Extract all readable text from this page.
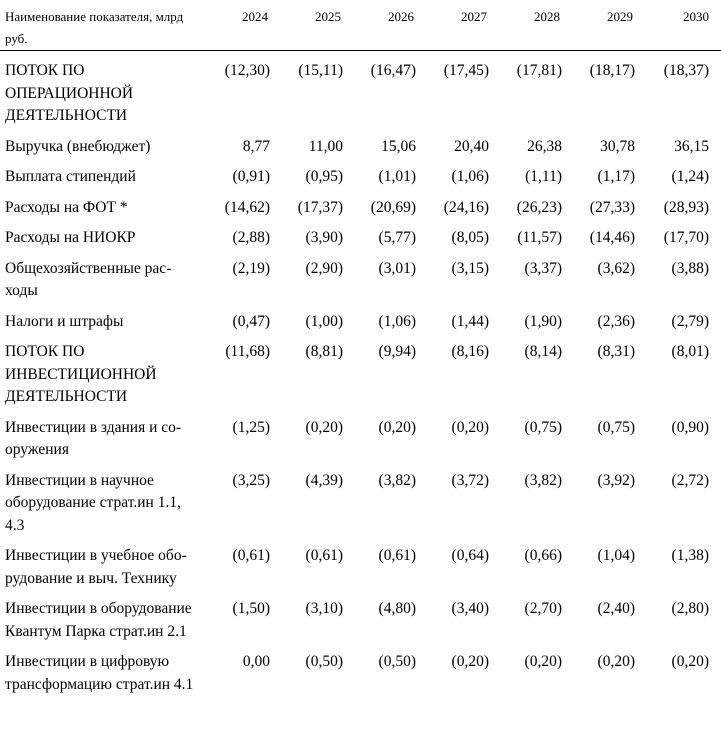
Наименование показателя, млрд руб.	2024	2025	2026	2027	2028	2029	2030
ПОТОК ПО ОПЕРАЦИОННОЙ ДЕЯТЕЛЬНОСТИ	(12,30)	(15,11)	(16,47)	(17,45)	(17,81)	(18,17)	(18,37)
Выручка (внебюджет)	8,77	11,00	15,06	20,40	26,38	30,78	36,15
Выплата стипендий	(0,91)	(0,95)	(1,01)	(1,06)	(1,11)	(1,17)	(1,24)
Расходы на ФОТ *	(14,62)	(17,37)	(20,69)	(24,16)	(26,23)	(27,33)	(28,93)
Расходы на НИОКР	(2,88)	(3,90)	(5,77)	(8,05)	(11,57)	(14,46)	(17,70)
Общехозяйственные расходы	(2,19)	(2,90)	(3,01)	(3,15)	(3,37)	(3,62)	(3,88)
Налоги и штрафы	(0,47)	(1,00)	(1,06)	(1,44)	(1,90)	(2,36)	(2,79)
ПОТОК ПО ИНВЕСТИЦИОННОЙ ДЕЯТЕЛЬНОСТИ	(11,68)	(8,81)	(9,94)	(8,16)	(8,14)	(8,31)	(8,01)
Инвестиции в здания и сооружения	(1,25)	(0,20)	(0,20)	(0,20)	(0,75)	(0,75)	(0,90)
Инвестиции в научное оборудование страт.ин 1.1, 4.3	(3,25)	(4,39)	(3,82)	(3,72)	(3,82)	(3,92)	(2,72)
Инвестиции в учебное оборудование и выч. Технику	(0,61)	(0,61)	(0,61)	(0,64)	(0,66)	(1,04)	(1,38)
Инвестиции в оборудование Квантум Парка страт.ин 2.1	(1,50)	(3,10)	(4,80)	(3,40)	(2,70)	(2,40)	(2,80)
Инвестиции в цифровую трансформацию страт.ин 4.1	0,00	(0,50)	(0,50)	(0,20)	(0,20)	(0,20)	(0,20)
